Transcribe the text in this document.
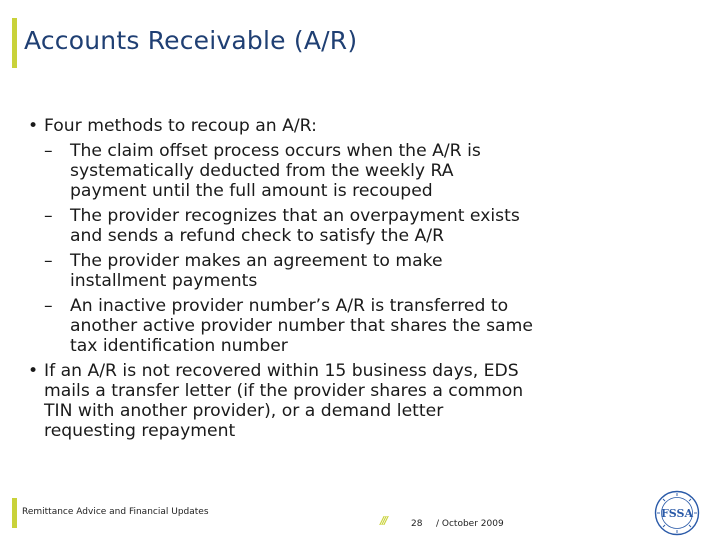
Accounts Receivable (A/R)
• Four methods to recoup an A/R:
– The claim offset process occurs when the A/R is
systematically deducted from the weekly RA
payment until the full amount is recouped
– The provider recognizes that an overpayment exists
and sends a refund check to satisfy the A/R
– The provider makes an agreement to make
installment payments
– An inactive provider number’s A/R is transferred to
another active provider number that shares the same
tax identification number
• If an A/R is not recovered within 15 business days, EDS
mails a transfer letter (if the provider shares a common
TIN with another provider), or a demand letter
requesting repayment
Remittance Advice and Financial Updates
///	28 / October 2009
FSSA
